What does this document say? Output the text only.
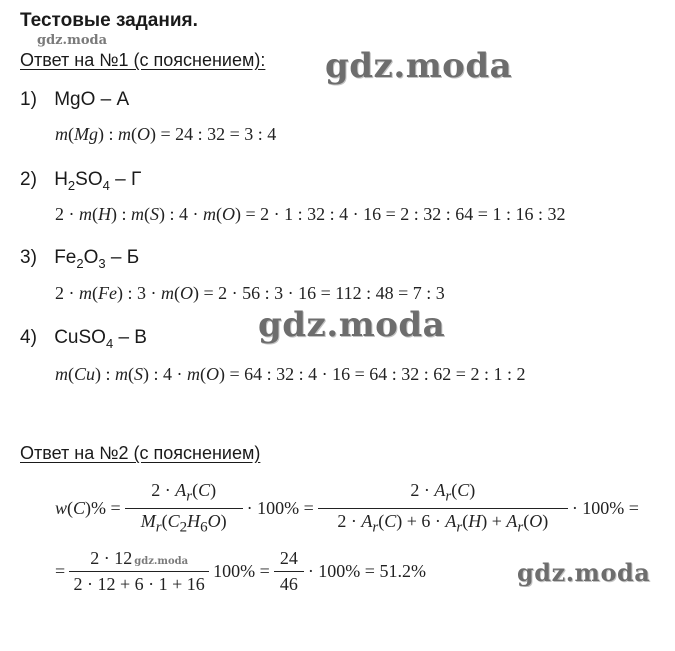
Тестовые задания.
gdz.moda
Ответ на №1 (с пояснением): gdz.moda
1) MgO – А
m(Mg) : m(O) = 24 : 32 = 3 : 4
2) $H_2SO_4$ – Г
2 · m(H) : m(S) : 4 · m(O) = 2 · 1 : 32 : 4 · 16 = 2 : 32 : 64 = 1 : 16 : 32
3) $Fe_2O_3$ – Б
2 · m(Fe) : 3 · m(O) = 2 · 56 : 3 · 16 = 112 : 48 = 7 : 3
gdz.moda
4) CuSO$_4$ – В
m(Cu) : m(S) : 4 · m(O) = 64 : 32 : 4 · 16 = 64 : 32 : 62 = 2 : 1 : 2
Ответ на №2 (с пояснением)
$w(C)\% = \frac{2 \cdot A_r(C)}{M_r(C_2H_6O)} \cdot 100\% = \frac{2 \cdot A_r(C)}{2 \cdot A_r(C) + 6 \cdot A_r(H) + A_r(O)} \cdot 100\%$ =
= $\frac{\text{2 · 12 gdz.moda}}{2 \cdot 12 + 6 \cdot 1 + 16} 100\% = \frac{24}{46} \cdot 100\% = 51.2\%$	gdz.moda
